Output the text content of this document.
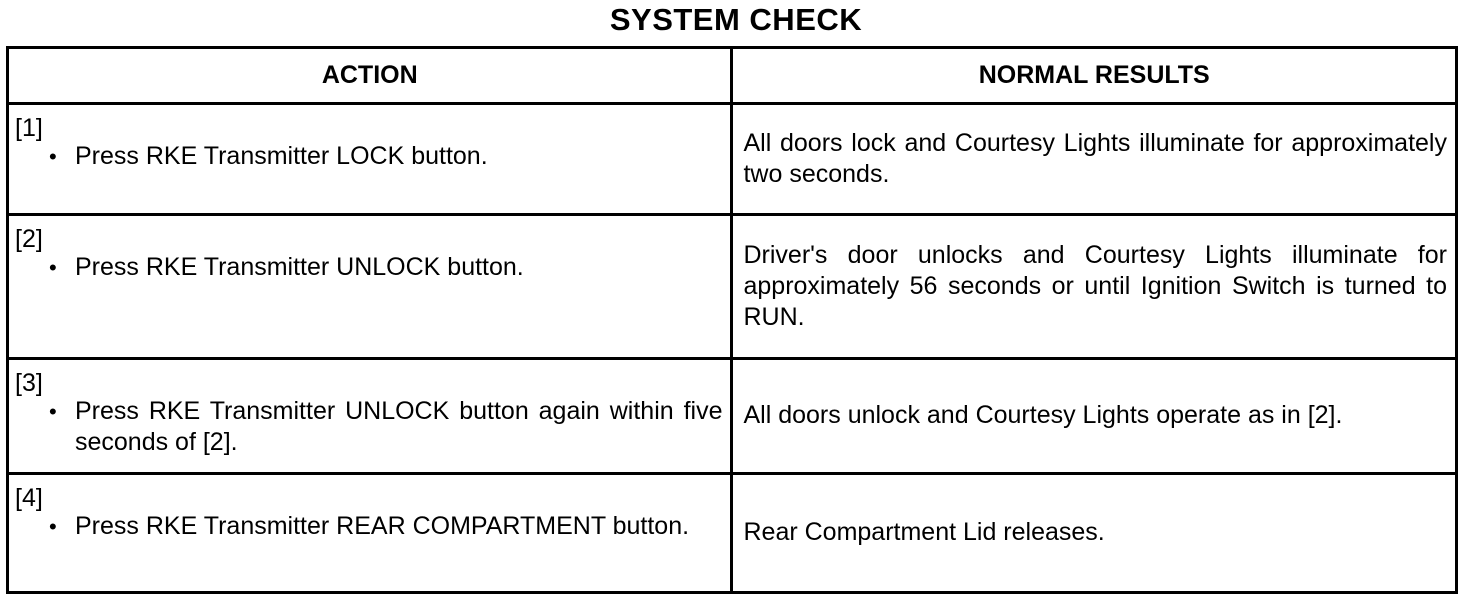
SYSTEM CHECK
ACTION	NORMAL RESULTS

[1]
• Press RKE Transmitter LOCK button.	All doors lock and Courtesy Lights illuminate for approximately two seconds.

[2]
• Press RKE Transmitter UNLOCK button.	Driver's door unlocks and Courtesy Lights illuminate for approximately 56 seconds or until Ignition Switch is turned to RUN.

[3]
• Press RKE Transmitter UNLOCK button again within five seconds of [2].	All doors unlock and Courtesy Lights operate as in [2].

[4]
• Press RKE Transmitter REAR COMPARTMENT button.	Rear Compartment Lid releases.
